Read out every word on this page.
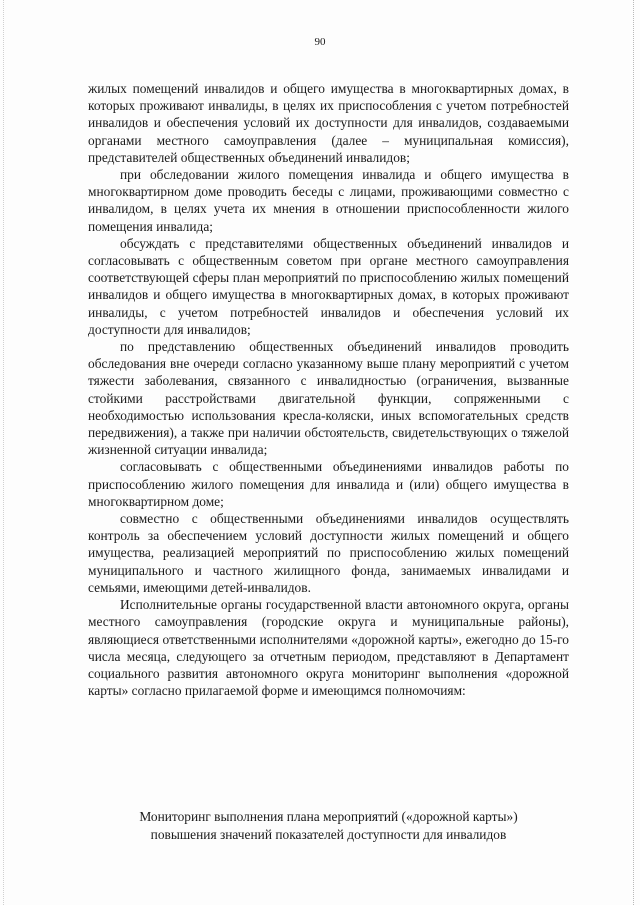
90

жилых помещений инвалидов и общего имущества в многоквартирных домах, в которых проживают инвалиды, в целях их приспособления с учетом потребностей инвалидов и обеспечения условий их доступности для инвалидов, создаваемыми органами местного самоуправления (далее – муниципальная комиссия), представителей общественных объединений инвалидов;

при обследовании жилого помещения инвалида и общего имущества в многоквартирном доме проводить беседы с лицами, проживающими совместно с инвалидом, в целях учета их мнения в отношении приспособленности жилого помещения инвалида;

обсуждать с представителями общественных объединений инвалидов и согласовывать с общественным советом при органе местного самоуправления соответствующей сферы план мероприятий по приспособлению жилых помещений инвалидов и общего имущества в многоквартирных домах, в которых проживают инвалиды, с учетом потребностей инвалидов и обеспечения условий их доступности для инвалидов;

по представлению общественных объединений инвалидов проводить обследования вне очереди согласно указанному выше плану мероприятий с учетом тяжести заболевания, связанного с инвалидностью (ограничения, вызванные стойкими расстройствами двигательной функции, сопряженными с необходимостью использования кресла-коляски, иных вспомогательных средств передвижения), а также при наличии обстоятельств, свидетельствующих о тяжелой жизненной ситуации инвалида;

согласовывать с общественными объединениями инвалидов работы по приспособлению жилого помещения для инвалида и (или) общего имущества в многоквартирном доме;

совместно с общественными объединениями инвалидов осуществлять контроль за обеспечением условий доступности жилых помещений и общего имущества, реализацией мероприятий по приспособлению жилых помещений муниципального и частного жилищного фонда, занимаемых инвалидами и семьями, имеющими детей-инвалидов.

Исполнительные органы государственной власти автономного округа, органы местного самоуправления (городские округа и муниципальные районы), являющиеся ответственными исполнителями «дорожной карты», ежегодно до 15-го числа месяца, следующего за отчетным периодом, представляют в Департамент социального развития автономного округа мониторинг выполнения «дорожной карты» согласно прилагаемой форме и имеющимся полномочиям:

Мониторинг выполнения плана мероприятий («дорожной карты»)
повышения значений показателей доступности для инвалидов
